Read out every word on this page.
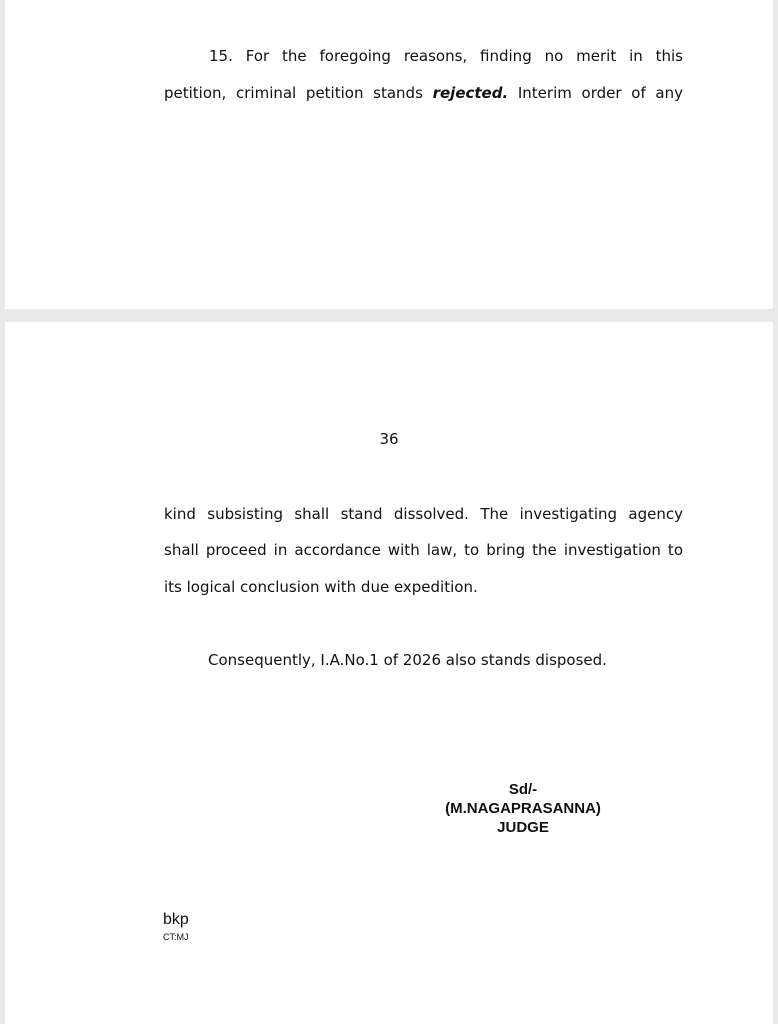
15. For the foregoing reasons, finding no merit in this
petition, criminal petition stands rejected. Interim order of any
36
kind subsisting shall stand dissolved. The investigating agency
shall proceed in accordance with law, to bring the investigation to
its logical conclusion with due expedition.
Consequently, I.A.No.1 of 2026 also stands disposed.
Sd/-
(M.NAGAPRASANNA)
JUDGE
bkp
CT:MJ
